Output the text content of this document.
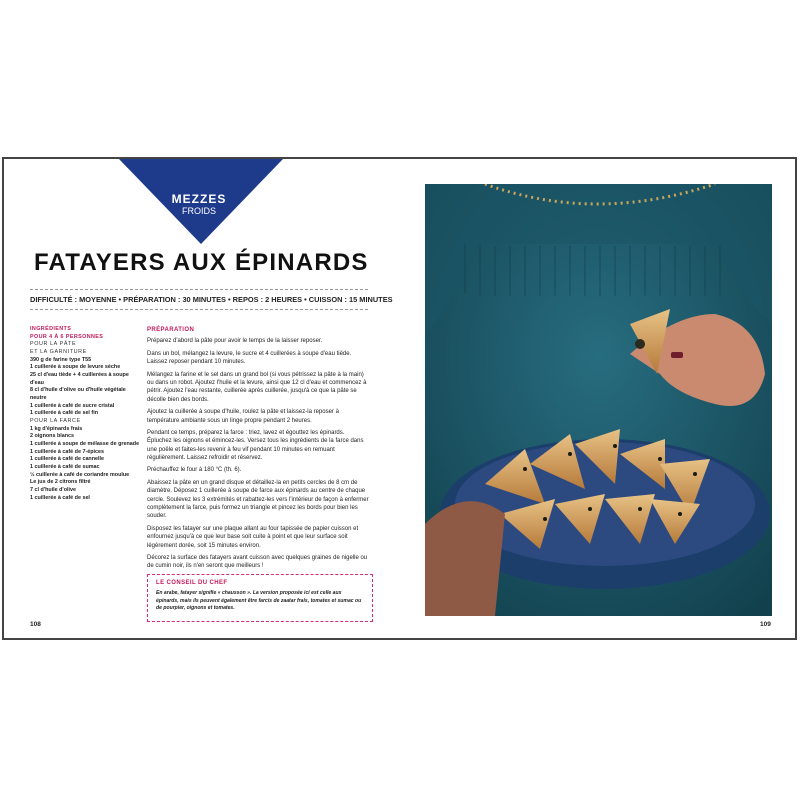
MEZZES
FROIDS
FATAYERS AUX ÉPINARDS
DIFFICULTÉ : MOYENNE • PRÉPARATION : 30 MINUTES • REPOS : 2 HEURES • CUISSON : 15 MINUTES
INGRÉDIENTS
POUR 4 À 6 PERSONNES
POUR LA PÂTE
ET LA GARNITURE
390 g de farine type T55
1 cuillerée à soupe de levure sèche
25 cl d'eau tiède + 4 cuillerées à soupe d'eau
8 cl d'huile d'olive ou d'huile végétale neutre
1 cuillerée à café de sucre cristal
1 cuillerée à café de sel fin
POUR LA FARCE
1 kg d'épinards frais
2 oignons blancs
1 cuillerée à soupe de mélasse de grenade
1 cuillerée à café de 7-épices
1 cuillerée à café de cannelle
1 cuillerée à café de sumac
½ cuillerée à café de coriandre moulue
Le jus de 2 citrons filtré
7 cl d'huile d'olive
1 cuillerée à café de sel
PRÉPARATION

Préparez d'abord la pâte pour avoir le temps de la laisser reposer.

Dans un bol, mélangez la levure, le sucre et 4 cuillerées à soupe d'eau tiède. Laissez reposer pendant 10 minutes.

Mélangez la farine et le sel dans un grand bol (si vous pétrissez la pâte à la main) ou dans un robot. Ajoutez l'huile et la levure, ainsi que 12 cl d'eau et commencez à pétrir. Ajoutez l'eau restante, cuillerée après cuillerée, jusqu'à ce que la pâte se décolle bien des bords.

Ajoutez la cuillerée à soupe d'huile, roulez la pâte et laissez-la reposer à température ambiante sous un linge propre pendant 2 heures.

Pendant ce temps, préparez la farce : triez, lavez et égouttez les épinards. Épluchez les oignons et émincez-les. Versez tous les ingrédients de la farce dans une poêle et faites-les revenir à feu vif pendant 10 minutes en remuant régulièrement. Laissez refroidir et réservez.

Préchauffez le four à 180 °C (th. 6).

Abaissez la pâte en un grand disque et détaillez-la en petits cercles de 8 cm de diamètre. Déposez 1 cuillerée à soupe de farce aux épinards au centre de chaque cercle. Soulevez les 3 extrémités et rabattez-les vers l'intérieur de façon à enfermer complètement la farce, puis formez un triangle et pincez les bords pour bien les souder.

Disposez les fatayer sur une plaque allant au four tapissée de papier cuisson et enfournez jusqu'à ce que leur base soit cuite à point et que leur surface soit légèrement dorée, soit 15 minutes environ.

Décorez la surface des fatayers avant cuisson avec quelques graines de nigelle ou de cumin noir, ils n'en seront que meilleurs !

LE CONSEIL DU CHEF
En arabe, fatayer signifie « chausson ». La version proposée ici est celle aux épinards, mais ils peuvent également être farcis de zaatar frais, tomates et sumac ou de pourpier, oignons et tomates.
108	109
